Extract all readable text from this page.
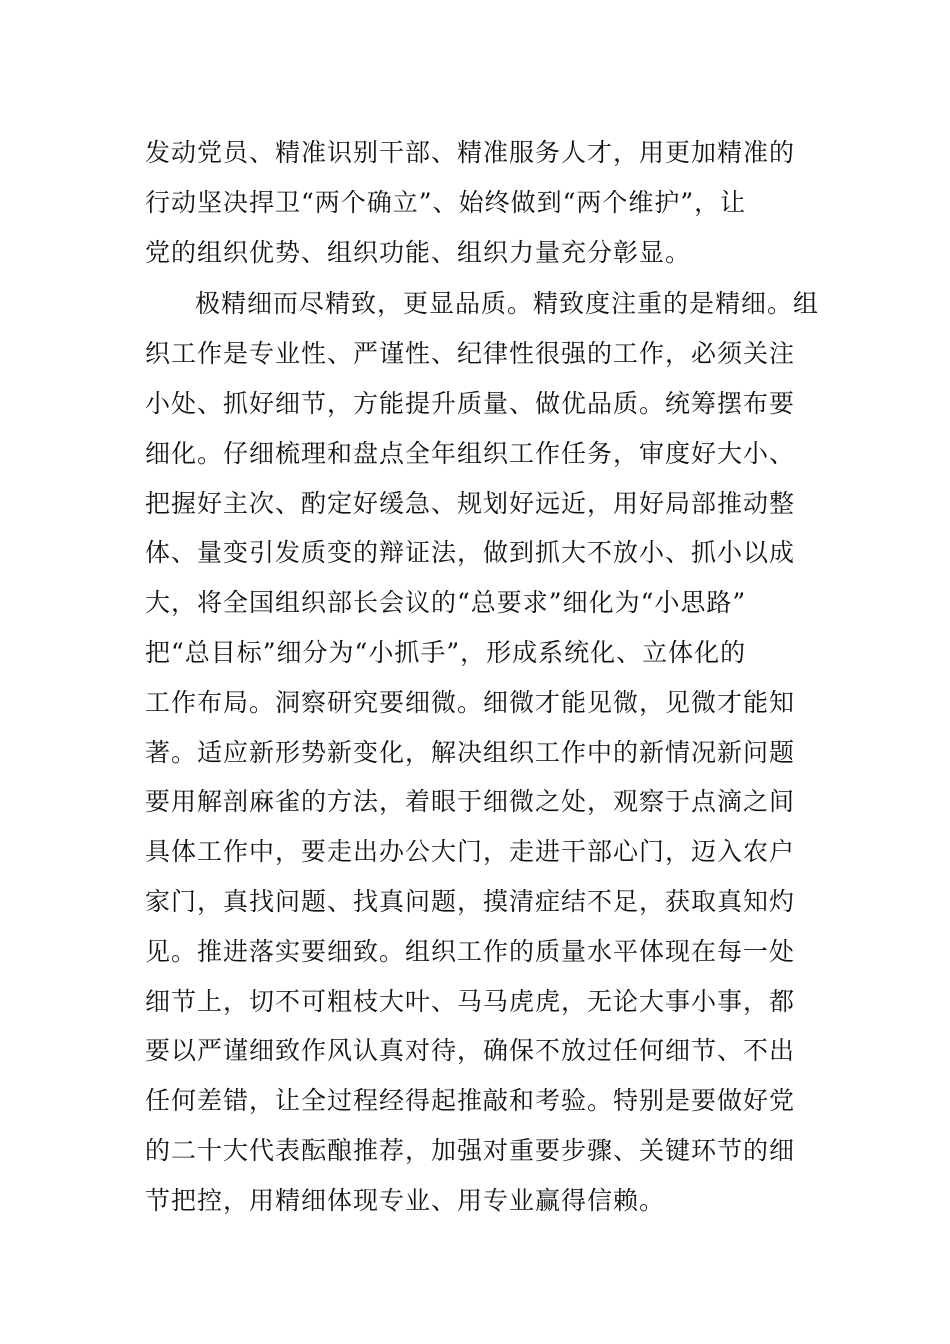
发动党员、精准识别干部、精准服务人才，用更加精准的
行动坚决捍卫“两个确立”、始终做到“两个维护”，让
党的组织优势、组织功能、组织力量充分彰显。
极精细而尽精致，更显品质。精致度注重的是精细。组
织工作是专业性、严谨性、纪律性很强的工作，必须关注
小处、抓好细节，方能提升质量、做优品质。统筹摆布要
细化。仔细梳理和盘点全年组织工作任务，审度好大小、
把握好主次、酌定好缓急、规划好远近，用好局部推动整
体、量变引发质变的辩证法，做到抓大不放小、抓小以成
大，将全国组织部长会议的“总要求”细化为“小思路”
把“总目标”细分为“小抓手”，形成系统化、立体化的
工作布局。洞察研究要细微。细微才能见微，见微才能知
著。适应新形势新变化，解决组织工作中的新情况新问题
要用解剖麻雀的方法，着眼于细微之处，观察于点滴之间
具体工作中，要走出办公大门，走进干部心门，迈入农户
家门，真找问题、找真问题，摸清症结不足，获取真知灼
见。推进落实要细致。组织工作的质量水平体现在每一处
细节上，切不可粗枝大叶、马马虎虎，无论大事小事，都
要以严谨细致作风认真对待，确保不放过任何细节、不出
任何差错，让全过程经得起推敲和考验。特别是要做好党
的二十大代表酝酿推荐，加强对重要步骤、关键环节的细
节把控，用精细体现专业、用专业赢得信赖。
